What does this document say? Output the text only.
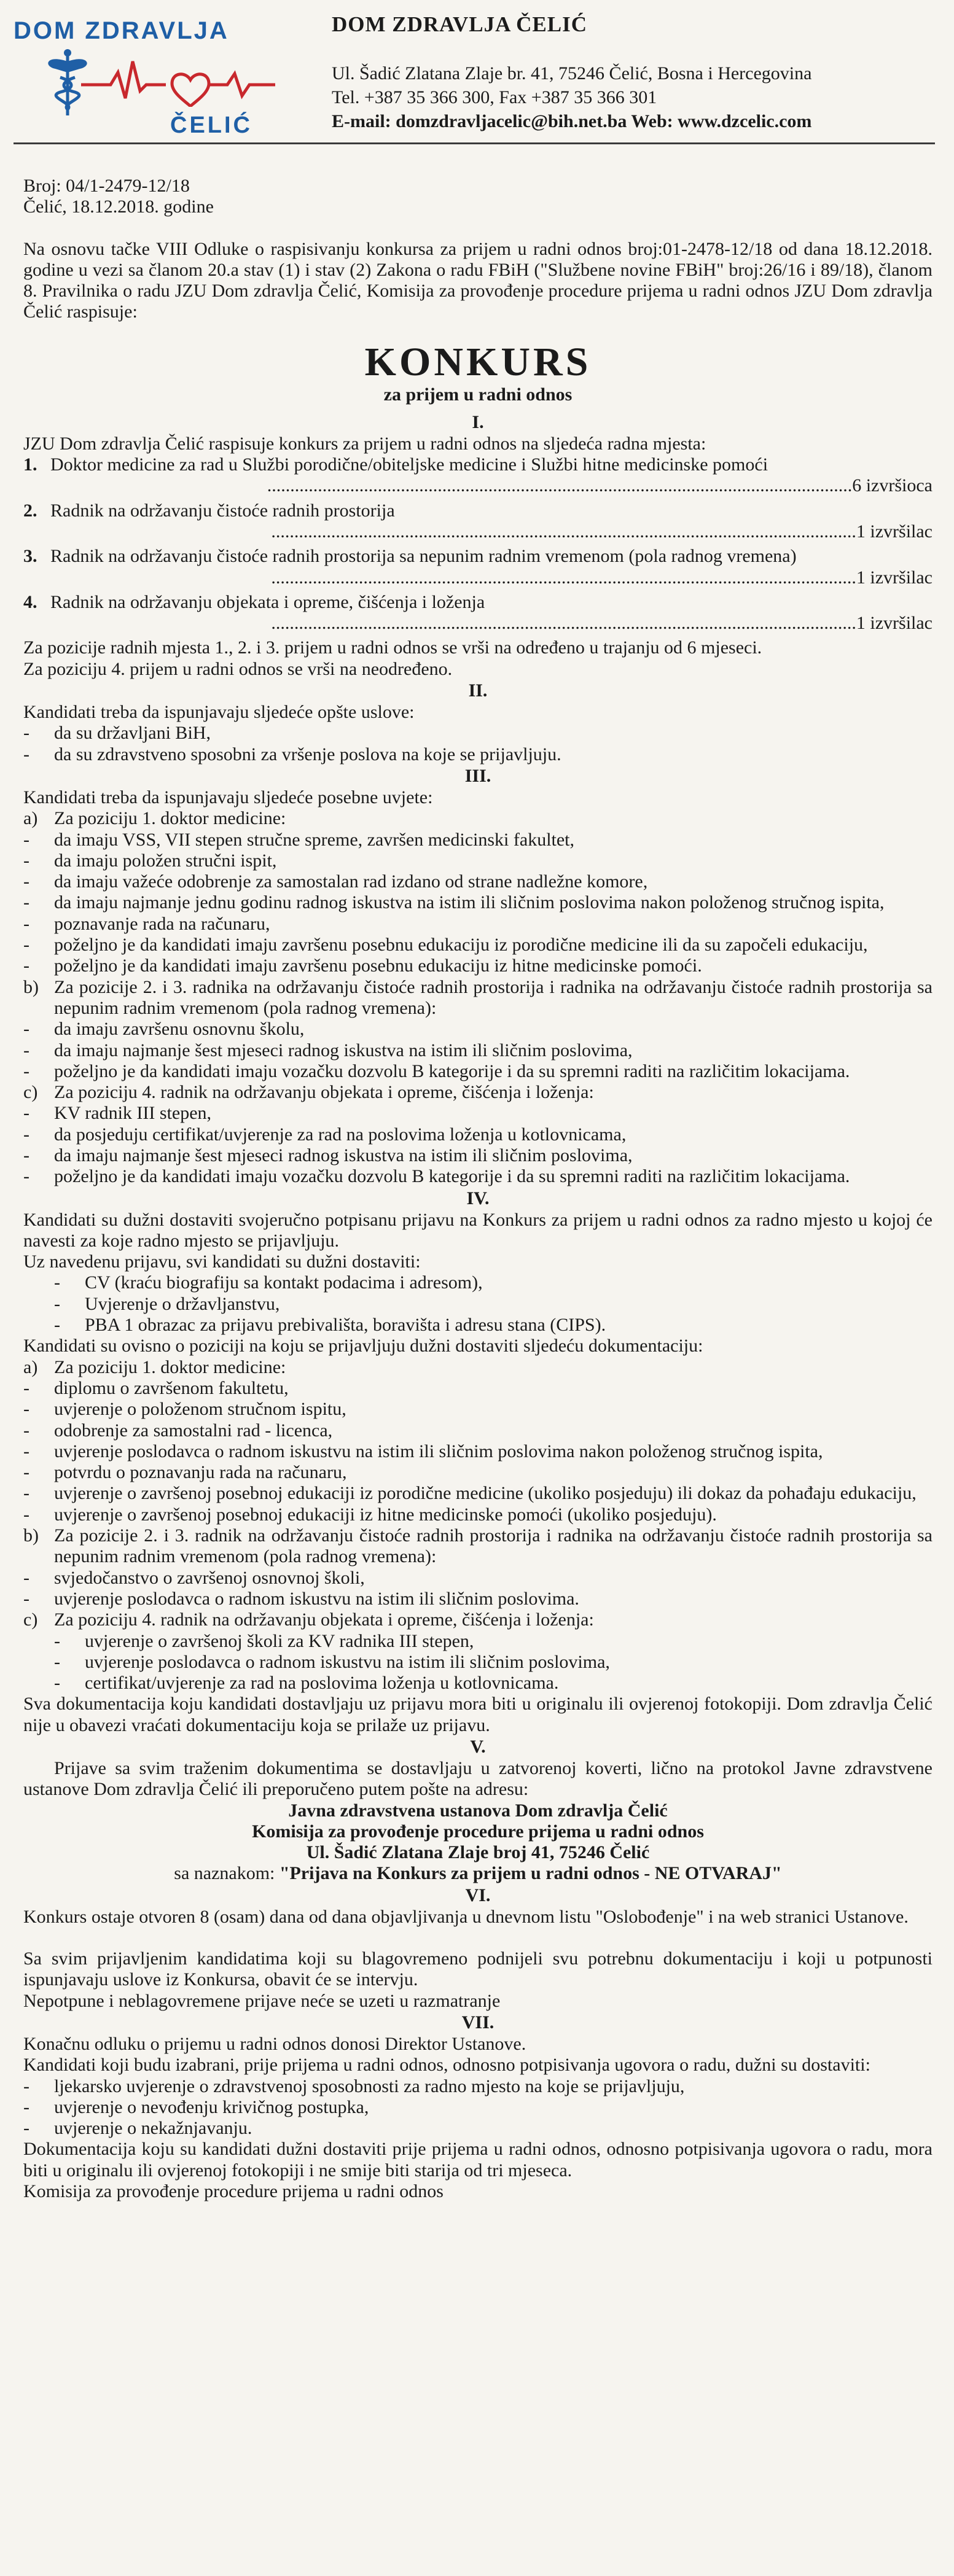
DOM ZDRAVLJA
ČELIĆ
DOM ZDRAVLJA ČELIĆ
Ul. Šadić Zlatana Zlaje br. 41, 75246 Čelić, Bosna i Hercegovina
Tel. +387 35 366 300, Fax +387 35 366 301
E-mail: domzdravljacelic@bih.net.ba Web: www.dzcelic.com

Broj: 04/1-2479-12/18

Čelić, 18.12.2018. godine

Na osnovu tačke VIII Odluke o raspisivanju konkursa za prijem u radni odnos broj:01-2478-12/18 od dana 18.12.2018. godine u vezi sa članom 20.a stav (1) i stav (2) Zakona o radu FBiH ("Službene novine FBiH" broj:26/16 i 89/18), članom 8. Pravilnika o radu JZU Dom zdravlja Čelić, Komisija za provođenje procedure prijema u radni odnos JZU Dom zdravlja Čelić raspisuje:

KONKURS
za prijem u radni odnos
I.

JZU Dom zdravlja Čelić raspisuje konkurs za prijem u radni odnos na sljedeća radna mjesta:

1. Doktor medicine za rad u Službi porodične/obiteljske medicine i Službi hitne medicinske pomoći
...............................................................................................................................6 izvršioca
2. Radnik na održavanju čistoće radnih prostorija
...............................................................................................................................1 izvršilac
3. Radnik na održavanju čistoće radnih prostorija sa nepunim radnim vremenom (pola radnog vremena)
...............................................................................................................................1 izvršilac
4. Radnik na održavanju objekata i opreme, čišćenja i loženja
...............................................................................................................................1 izvršilac

Za pozicije radnih mjesta 1., 2. i 3. prijem u radni odnos se vrši na određeno u trajanju od 6 mjeseci.

Za poziciju 4. prijem u radni odnos se vrši na neodređeno.

II.

Kandidati treba da ispunjavaju sljedeće opšte uslove:

-	da su državljani BiH,
-	da su zdravstveno sposobni za vršenje poslova na koje se prijavljuju.
III.

Kandidati treba da ispunjavaju sljedeće posebne uvjete:

a) Za poziciju 1. doktor medicine:
-	da imaju VSS, VII stepen stručne spreme, završen medicinski fakultet,
-	da imaju položen stručni ispit,
-	da imaju važeće odobrenje za samostalan rad izdano od strane nadležne komore,
-	da imaju najmanje jednu godinu radnog iskustva na istim ili sličnim poslovima nakon položenog stručnog ispita,
-	poznavanje rada na računaru,
-	poželjno je da kandidati imaju završenu posebnu edukaciju iz porodične medicine ili da su započeli edukaciju,
-	poželjno je da kandidati imaju završenu posebnu edukaciju iz hitne medicinske pomoći.
b) Za pozicije 2. i 3. radnika na održavanju čistoće radnih prostorija i radnika na održavanju čistoće radnih prostorija sa nepunim radnim vremenom (pola radnog vremena):
-	da imaju završenu osnovnu školu,
-	da imaju najmanje šest mjeseci radnog iskustva na istim ili sličnim poslovima,
-	poželjno je da kandidati imaju vozačku dozvolu B kategorije i da su spremni raditi na različitim lokacijama.
c) Za poziciju 4. radnik na održavanju objekata i opreme, čišćenja i loženja:
-	KV radnik III stepen,
-	da posjeduju certifikat/uvjerenje za rad na poslovima loženja u kotlovnicama,
-	da imaju najmanje šest mjeseci radnog iskustva na istim ili sličnim poslovima,
-	poželjno je da kandidati imaju vozačku dozvolu B kategorije i da su spremni raditi na različitim lokacijama.
IV.

Kandidati su dužni dostaviti svojeručno potpisanu prijavu na Konkurs za prijem u radni odnos za radno mjesto u kojoj će navesti za koje radno mjesto se prijavljuju.

Uz navedenu prijavu, svi kandidati su dužni dostaviti:

-	CV (kraću biografiju sa kontakt podacima i adresom),
-	Uvjerenje o državljanstvu,
-	PBA 1 obrazac za prijavu prebivališta, boravišta i adresu stana (CIPS).

Kandidati su ovisno o poziciji na koju se prijavljuju dužni dostaviti sljedeću dokumentaciju:

a) Za poziciju 1. doktor medicine:
-	diplomu o završenom fakultetu,
-	uvjerenje o položenom stručnom ispitu,
-	odobrenje za samostalni rad - licenca,
-	uvjerenje poslodavca o radnom iskustvu na istim ili sličnim poslovima nakon položenog stručnog ispita,
-	potvrdu o poznavanju rada na računaru,
-	uvjerenje o završenoj posebnoj edukaciji iz porodične medicine (ukoliko posjeduju) ili dokaz da pohađaju edukaciju,
-	uvjerenje o završenoj posebnoj edukaciji iz hitne medicinske pomoći (ukoliko posjeduju).
b) Za pozicije 2. i 3. radnik na održavanju čistoće radnih prostorija i radnika na održavanju čistoće radnih prostorija sa nepunim radnim vremenom (pola radnog vremena):
-	svjedočanstvo o završenoj osnovnoj školi,
-	uvjerenje poslodavca o radnom iskustvu na istim ili sličnim poslovima.
c) Za poziciju 4. radnik na održavanju objekata i opreme, čišćenja i loženja:
-	uvjerenje o završenoj školi za KV radnika III stepen,
-	uvjerenje poslodavca o radnom iskustvu na istim ili sličnim poslovima,
-	certifikat/uvjerenje za rad na poslovima loženja u kotlovnicama.

Sva dokumentacija koju kandidati dostavljaju uz prijavu mora biti u originalu ili ovjerenoj fotokopiji. Dom zdravlja Čelić nije u obavezi vraćati dokumentaciju koja se prilaže uz prijavu.

V.

Prijave sa svim traženim dokumentima se dostavljaju u zatvorenoj koverti, lično na protokol Javne zdravstvene ustanove Dom zdravlja Čelić ili preporučeno putem pošte na adresu:

Javna zdravstvena ustanova Dom zdravlja Čelić
Komisija za provođenje procedure prijema u radni odnos
Ul. Šadić Zlatana Zlaje broj 41, 75246 Čelić
sa naznakom: "Prijava na Konkurs za prijem u radni odnos - NE OTVARAJ"
VI.

Konkurs ostaje otvoren 8 (osam) dana od dana objavljivanja u dnevnom listu "Oslobođenje" i na web stranici Ustanove.

Sa svim prijavljenim kandidatima koji su blagovremeno podnijeli svu potrebnu dokumentaciju i koji u potpunosti ispunjavaju uslove iz Konkursa, obavit će se intervju.

Nepotpune i neblagovremene prijave neće se uzeti u razmatranje

VII.

Konačnu odluku o prijemu u radni odnos donosi Direktor Ustanove.

Kandidati koji budu izabrani, prije prijema u radni odnos, odnosno potpisivanja ugovora o radu, dužni su dostaviti:

-	ljekarsko uvjerenje o zdravstvenoj sposobnosti za radno mjesto na koje se prijavljuju,
-	uvjerenje o nevođenju krivičnog postupka,
-	uvjerenje o nekažnjavanju.

Dokumentacija koju su kandidati dužni dostaviti prije prijema u radni odnos, odnosno potpisivanja ugovora o radu, mora biti u originalu ili ovjerenoj fotokopiji i ne smije biti starija od tri mjeseca.

Komisija za provođenje procedure prijema u radni odnos
